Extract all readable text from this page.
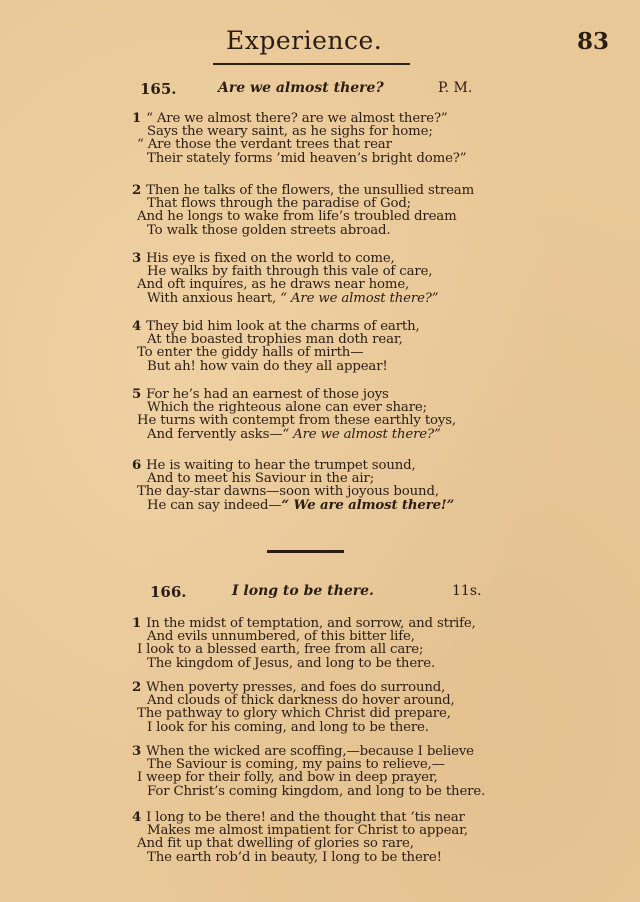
Experience.	83
165.	Are we almost there?	P. M.
1 “ Are we almost there? are we almost there?”
Says the weary saint, as he sighs for home;
“ Are those the verdant trees that rear
Their stately forms ’mid heaven’s bright dome?”
2 Then he talks of the flowers, the unsullied stream
That flows through the paradise of God;
And he longs to wake from life’s troubled dream
To walk those golden streets abroad.
3 His eye is fixed on the world to come,
He walks by faith through this vale of care,
And oft inquires, as he draws near home,
With anxious heart, “ Are we almost there?”
4 They bid him look at the charms of earth,
At the boasted trophies man doth rear,
To enter the giddy halls of mirth—
But ah! how vain do they all appear!
5 For he’s had an earnest of those joys
Which the righteous alone can ever share;
He turns with contempt from these earthly toys,
And fervently asks—“ Are we almost there?”
6 He is waiting to hear the trumpet sound,
And to meet his Saviour in the air;
The day-star dawns—soon with joyous bound,
He can say indeed—“ We are almost there!”
166.	I long to be there.	11s.
1 In the midst of temptation, and sorrow, and strife,
And evils unnumbered, of this bitter life,
I look to a blessed earth, free from all care;
The kingdom of Jesus, and long to be there.
2 When poverty presses, and foes do surround,
And clouds of thick darkness do hover around,
The pathway to glory which Christ did prepare,
I look for his coming, and long to be there.
3 When the wicked are scoffing,—because I believe
The Saviour is coming, my pains to relieve,—
I weep for their folly, and bow in deep prayer,
For Christ’s coming kingdom, and long to be there.
4 I long to be there! and the thought that ’tis near
Makes me almost impatient for Christ to appear,
And fit up that dwelling of glories so rare,
The earth rob’d in beauty, I long to be there!
